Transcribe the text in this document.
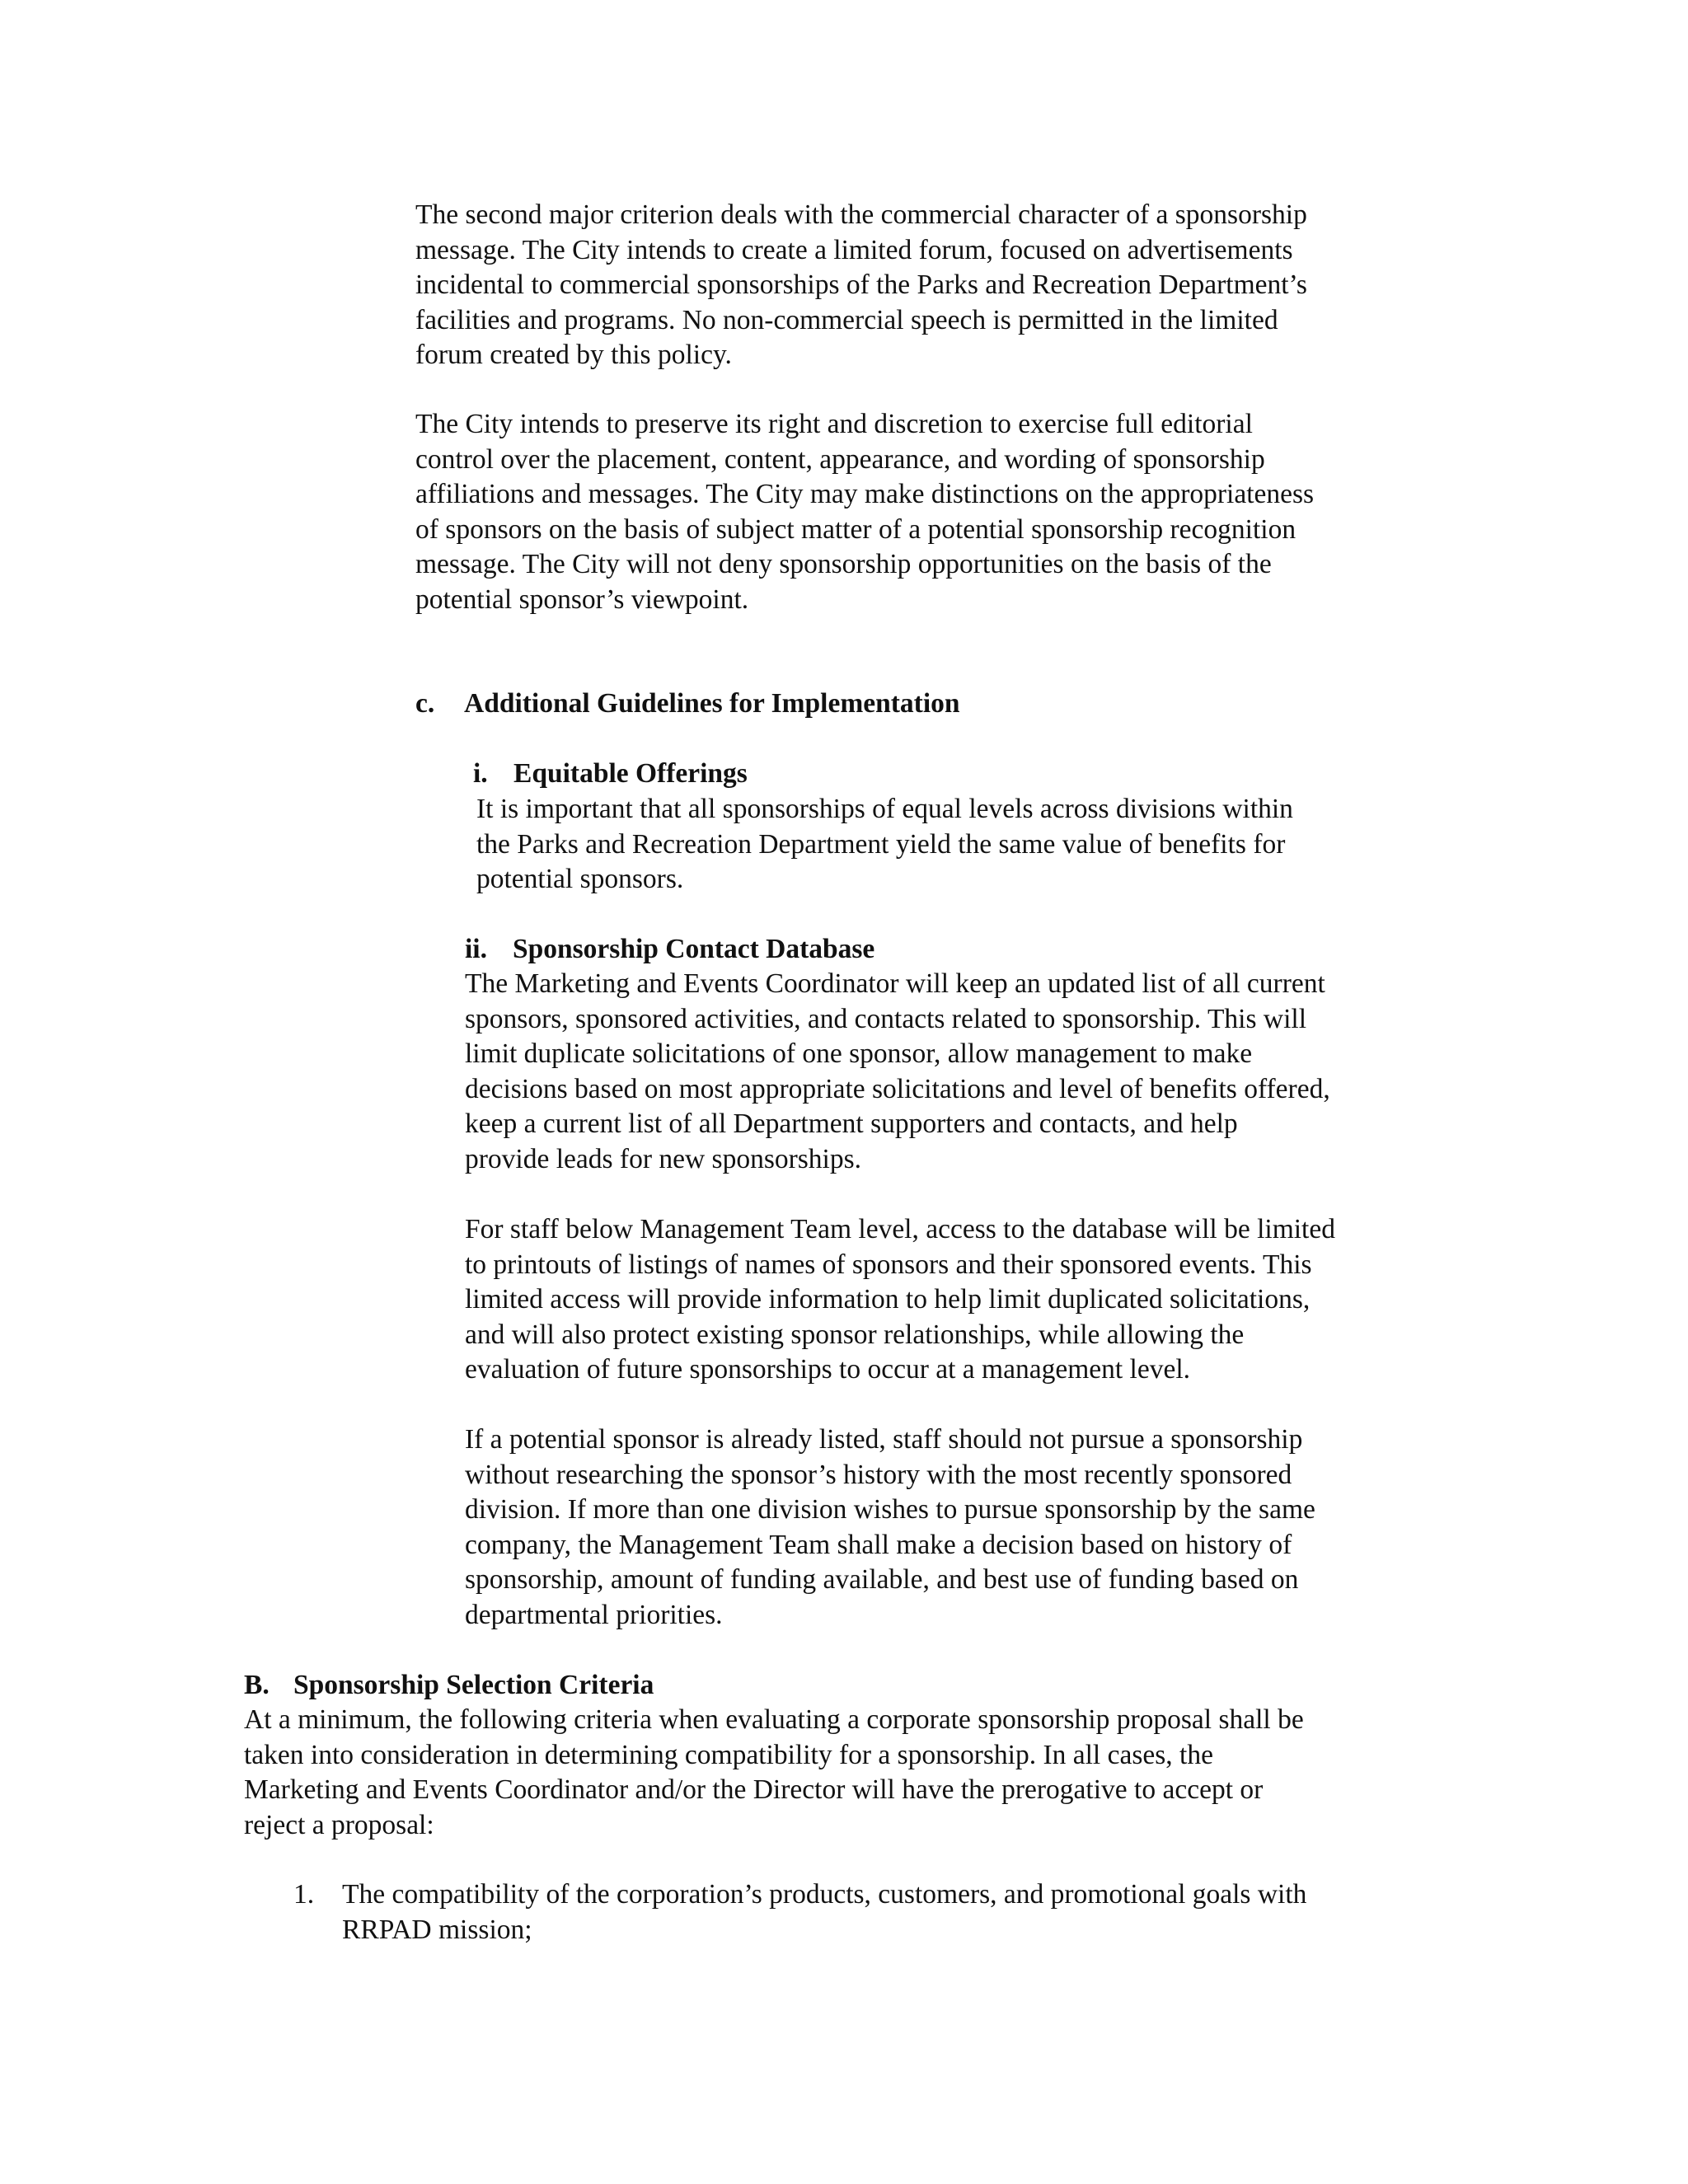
The second major criterion deals with the commercial character of a sponsorship
message. The City intends to create a limited forum, focused on advertisements
incidental to commercial sponsorships of the Parks and Recreation Department’s
facilities and programs. No non-commercial speech is permitted in the limited
forum created by this policy.

The City intends to preserve its right and discretion to exercise full editorial
control over the placement, content, appearance, and wording of sponsorship
affiliations and messages. The City may make distinctions on the appropriateness
of sponsors on the basis of subject matter of a potential sponsorship recognition
message. The City will not deny sponsorship opportunities on the basis of the
potential sponsor’s viewpoint.

c.	Additional Guidelines for Implementation
i. Equitable Offerings

It is important that all sponsorships of equal levels across divisions within
the Parks and Recreation Department yield the same value of benefits for
potential sponsors.

ii. Sponsorship Contact Database

The Marketing and Events Coordinator will keep an updated list of all current
sponsors, sponsored activities, and contacts related to sponsorship. This will
limit duplicate solicitations of one sponsor, allow management to make
decisions based on most appropriate solicitations and level of benefits offered,
keep a current list of all Department supporters and contacts, and help
provide leads for new sponsorships.

For staff below Management Team level, access to the database will be limited
to printouts of listings of names of sponsors and their sponsored events. This
limited access will provide information to help limit duplicated solicitations,
and will also protect existing sponsor relationships, while allowing the
evaluation of future sponsorships to occur at a management level.

If a potential sponsor is already listed, staff should not pursue a sponsorship
without researching the sponsor’s history with the most recently sponsored
division. If more than one division wishes to pursue sponsorship by the same
company, the Management Team shall make a decision based on history of
sponsorship, amount of funding available, and best use of funding based on
departmental priorities.

B. Sponsorship Selection Criteria

At a minimum, the following criteria when evaluating a corporate sponsorship proposal shall be
taken into consideration in determining compatibility for a sponsorship. In all cases, the
Marketing and Events Coordinator and/or the Director will have the prerogative to accept or
reject a proposal:

1.	The compatibility of the corporation’s products, customers, and promotional goals with
RRPAD mission;
